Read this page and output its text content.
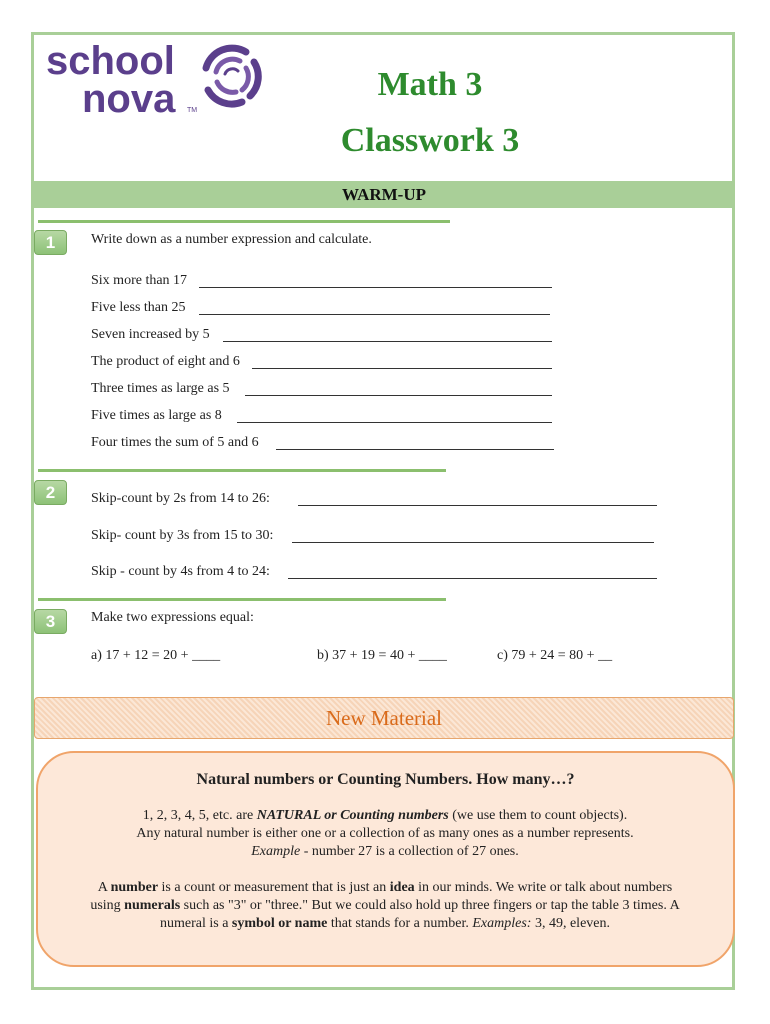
school
nova TM
Math 3
Classwork 3
WARM-UP
1	Write down as a number expression and calculate.
Six more than 17
Five less than 25
Seven increased by 5
The product of eight and 6
Three times as large as 5
Five times as large as 8
Four times the sum of 5 and 6
2	Skip-count by 2s from 14 to 26:
Skip- count by 3s from 15 to 30:
Skip - count by 4s from 4 to 24:
3	Make two expressions equal:
a) 17 + 12 = 20 + ____	b) 37 + 19 = 40 + ____	c) 79 + 24 = 80 + __
New Material
Natural numbers or Counting Numbers. How many…?
1, 2, 3, 4, 5, etc. are NATURAL or Counting numbers (we use them to count objects).
Any natural number is either one or a collection of as many ones as a number represents.
Example - number 27 is a collection of 27 ones.
A number is a count or measurement that is just an idea in our minds. We write or talk about numbers
using numerals such as "3" or "three." But we could also hold up three fingers or tap the table 3 times. A
numeral is a symbol or name that stands for a number. Examples: 3, 49, eleven.
